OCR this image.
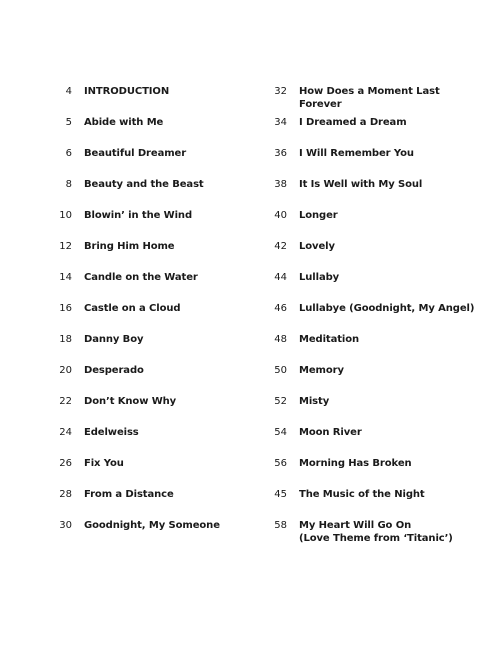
4 INTRODUCTION
5 Abide with Me
6 Beautiful Dreamer
8 Beauty and the Beast
10 Blowin’ in the Wind
12 Bring Him Home
14 Candle on the Water
16 Castle on a Cloud
18 Danny Boy
20 Desperado
22 Don’t Know Why
24 Edelweiss
26 Fix You
28 From a Distance
30 Goodnight, My Someone
32 How Does a Moment Last Forever
34 I Dreamed a Dream
36 I Will Remember You
38 It Is Well with My Soul
40 Longer
42 Lovely
44 Lullaby
46 Lullabye (Goodnight, My Angel)
48 Meditation
50 Memory
52 Misty
54 Moon River
56 Morning Has Broken
45 The Music of the Night
58 My Heart Will Go On
(Love Theme from ‘Titanic’)
